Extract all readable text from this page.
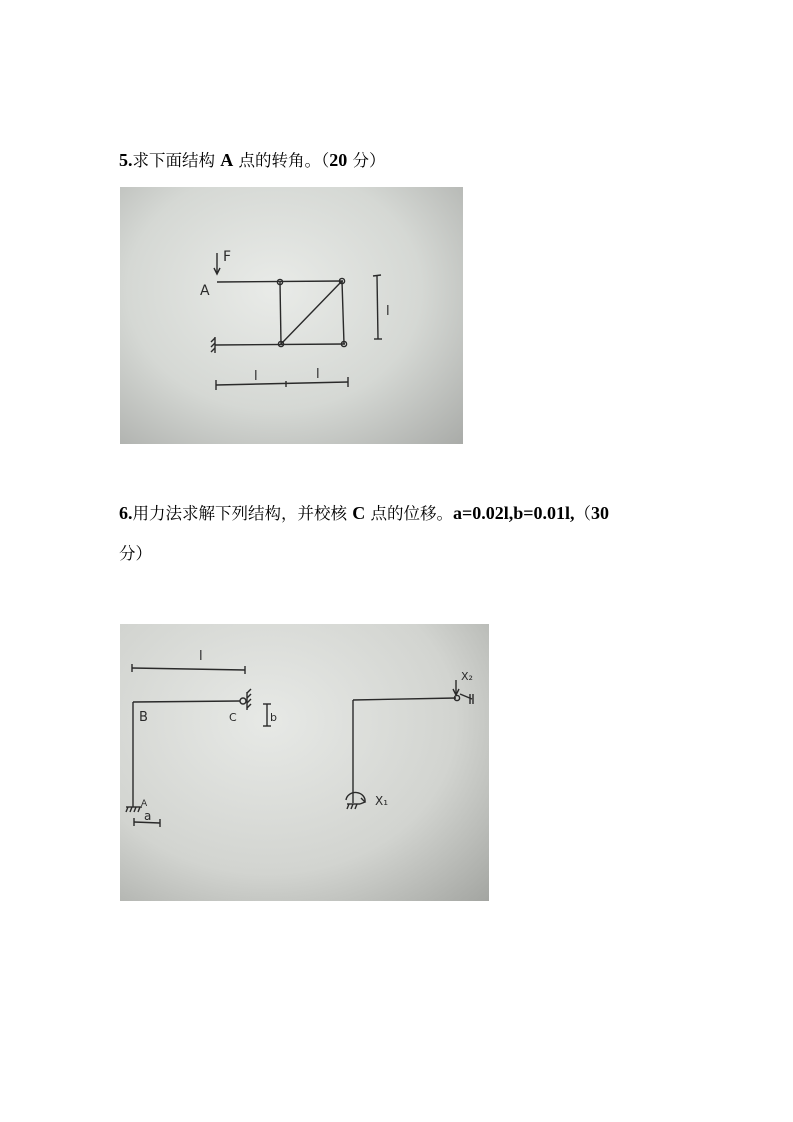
5.求下面结构 A 点的转角。（20 分）
F
A
l
l	l
6.用力法求解下列结构，并校核 C 点的位移。a=0.02l,b=0.01l,（30
分）
B	C
l
b
A
a
X₂
X₁
